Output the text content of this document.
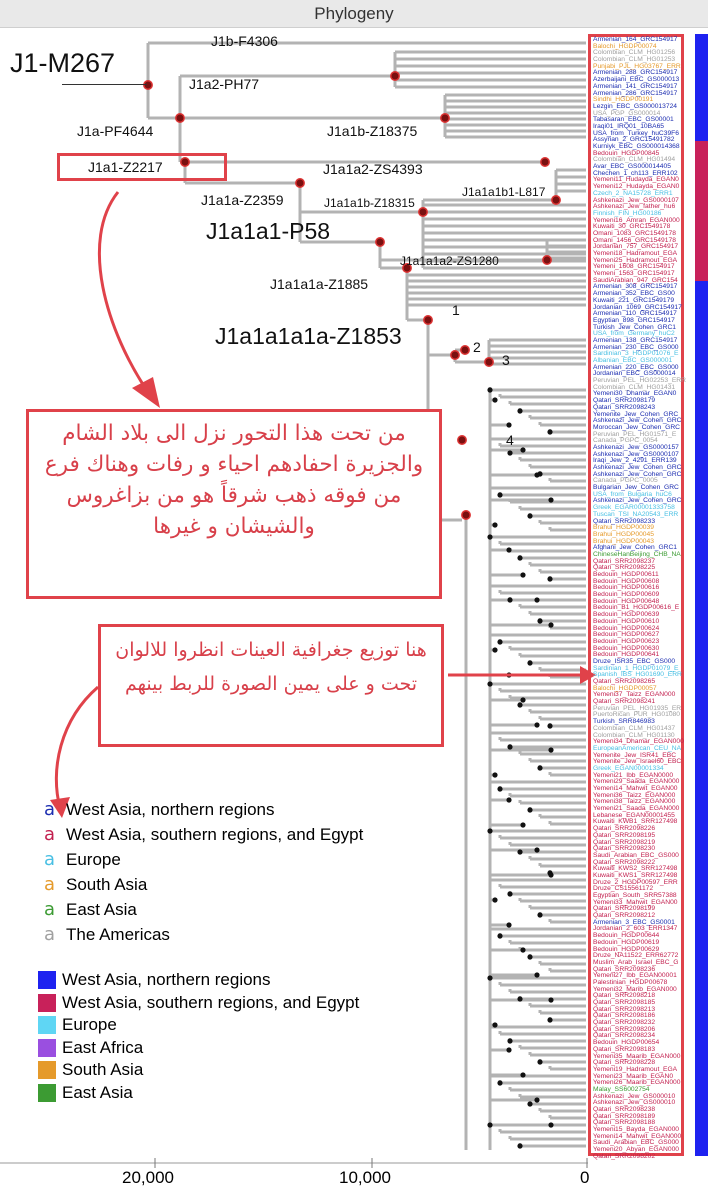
Phylogeny
J1-M267
J1b-F4306
J1a2-PH77
J1a-PF4644	J1a1b-Z18375
J1a1-Z2217	J1a1a2-ZS4393
J1a1a-Z2359	J1a1a1b-Z18315
J1a1a1b1-L817
J1a1a1-P58
J1a1a1a2-ZS1280
J1a1a1a-Z1885
J1a1a1a1a-Z1853
1
2
3
4
من تحت هذا التحور نزل الى بلاد الشام والجزيرة احفادهم احياء و رفات وهناك فرع من فوقه ذهب شرقاً هو من بزاغروس والشيشان و غيرها
هنا توزيع جغرافية العينات انظروا للالوان تحت و على يمين الصورة للربط بينهم
Armenian_164_GRC154917
Balochi_HGDP00074
Colombian_CLM_HG01256
Colombian_CLM_HG01253
Punjabi_PJL_HG03767_ERR
Armenian_288_GRC154917
Azerbaijani_EBC_GS000013
Armenian_141_GRC154917
Armenian_286_GRC154917
Sindhi_HGDP00191
Lezgin_EBC_GS000013724
USA_PGP_GS000014
Tabasaran_EBC_GS00001
Iraqi01_IRQ01_10BA65
USA_from_Turkey_huC39F6
Assyrian_2_GRC15491782
Kurniyk_EBC_GS000014368
Bedouin_HGDP00845
Colombian_CLM_HG01494
Avar_EBC_GS000014405
Chechen_1_ch113_ERR102
Yemeni11_Hudayda_EGAN0
Yemeni12_Hudayda_EGAN0
Czech_2_NA15728_ERR1
Ashkenazi_Jew_GS0000107
Ashkenazi_Jew_father_hu6
Finnish_FIN_HG00186
Yemeni16_Amran_EGAN000
Kuwaiti_30_GRC1549178
Omani_1083_GRC1549178
Omani_1456_GRC1549178
Jordanian_757_GRC154917
Yemeni18_Hadramout_EGA
Yemeni25_Hadramout_EGA
Yemeni_1608_GRC154917
Yemeni_1563_GRC154917
SaudiArabian_947_GRC154
Armenian_308_GRC154917
Armenian_352_EBC_GS00
Kuwaiti_221_GRC1549179
Jordanian_1069_GRC154917
Armenian_110_GRC154917
Egyptian_898_GRC154917
Turkish_Jew_Cohen_GRC1
USA_from_Germany_huC2
Armenian_138_GRC154917
Armenian_230_EBC_GS000
Sardinian_3_HGDP01076_E
Albanian_EBC_GS000001
Armenian_220_EBC_GS000
Jordanian_EBC_GS000014
Peruvian_PEL_HG02253_ERR
Colombian_CLM_HG01431
Yemeni30_Dhamar_EGAN0
Qatari_SRR2098179
Qatari_SRR2098243
Yemenite_Jew_Cohen_GRC
Ashkenazi_Jew_Cohen_GRC
Moroccan_Jew_Cohen_GRC
Peruvian_PEL_HG01571_E
Canada_PGPC_0054
Ashkenazi_Jew_GS0000157
Ashkenazi_Jew_GS0000107
Iraqi_Jew_2_4291_ERR139
Ashkenazi_Jew_Cohen_GRC
Ashkenazi_Jew_Cohen_GRC
Canada_PGPC_0005
Bulgarian_Jew_Cohen_GRC
USA_from_Bulgaria_huC6
Ashkenazi_Jew_Cohen_GRC
Greek_EGAR00001333758
Tuscan_TSI_NA20543_ERR
Qatari_SRR2098233
Brahui_HGDP00039
Brahui_HGDP00045
Brahui_HGDP00043
Afghani_Jew_Cohen_GRC1
ChineseHanBeijing_CHB_NA
Qatari_SRR2098237
Qatari_SRR2098225
Bedouin_HGDP00611
Bedouin_HGDP00608
Bedouin_HGDP00616
Bedouin_HGDP00609
Bedouin_HGDP00648
Bedouin_B1_HGDP00616_E
Bedouin_HGDP00639
Bedouin_HGDP00610
Bedouin_HGDP00624
Bedouin_HGDP00627
Bedouin_HGDP00623
Bedouin_HGDP00630
Bedouin_HGDP00641
Druze_ISR35_EBC_GS000
Sardinian_1_HGDP01079_E
Spanish_IBS_HG01690_ERR
Qatari_SRR2098265
Balochi_HGDP00057
Yemeni37_Taizz_EGAN000
Qatari_SRR2098241
Peruvian_PEL_HG01935_ER
PuertoRican_PUR_HG01080
Turkish_SRR846983
Colombian_CLM_HG01437
Colombian_CLM_HG01130
Yemeni34_Dhamar_EGAN000
EuropeanAmerican_CEU_NA
Yemenite_Jew_ISR41_EBC
Yemenite_Jew_Israel60_EBC
Greek_EGAN00001334
Yemeni21_Ibb_EGAN0000
Yemeni29_Saada_EGAN000
Yemeni14_Mahwit_EGAN00
Yemeni36_Taizz_EGAN000
Yemeni38_Taizz_EGAN000
Yemeni21_Saada_EGAN000
Lebanese_EGAN00001455
Kuwaiti_KWB1_SRR127498
Qatari_SRR2098226
Qatari_SRR2098195
Qatari_SRR2098219
Qatari_SRR2098230
Saudi_Arabian_EBC_GS000
Qatari_SRR2098222
Kuwaiti_KWS2_SRR127498
Kuwaiti_KWS1_SRR127498
Druze_2_HGDP00597_ERR
Druze_CS15561172
Egyptian_South_SRR57388
Yemeni33_Mahwit_EGAN00
Qatari_SRR2098199
Qatari_SRR2098212
Armenian_3_EBC_GS0001
Jordanian_2_603_ERR1347
Bedouin_HGDP00644
Bedouin_HGDP00619
Bedouin_HGDP00629
Druze_NA11522_ERR62772
Muslim_Arab_Israel_EBC_G
Qatari_SRR2098236
Yemeni27_Ibb_EGAN00001
Palestinian_HGDP00678
Yemeni32_Marib_EGAN000
Qatari_SRR2098218
Qatari_SRR2098185
Qatari_SRR2098213
Qatari_SRR2098186
Qatari_SRR2098232
Qatari_SRR2098206
Qatari_SRR2098234
Bedouin_HGDP00654
Qatari_SRR2098183
Yemeni35_Maarib_EGAN000
Qatari_SRR2098228
Yemeni19_Hadramout_EGA
Yemeni23_Maarib_EGAN0
Yemeni26_Maarib_EGAN000
Malay_SS6002754
Ashkenazi_Jew_GS000010
Ashkenazi_Jew_GS000010
Qatari_SRR2098238
Qatari_SRR2098189
Qatari_SRR2098188
Yemeni15_Bayda_EGAN000
Yemeni14_Mahwit_EGAN000
Saudi_Arabian_EBC_GS000
Yemeni20_Abyan_EGAN000
Qatari_SRR2098202
a West Asia, northern regions
a West Asia, southern regions, and Egypt
a Europe
a South Asia
a East Asia
a The Americas
West Asia, northern regions
West Asia, southern regions, and Egypt
Europe
East Africa
South Asia
East Asia
20,000	10,000	0
